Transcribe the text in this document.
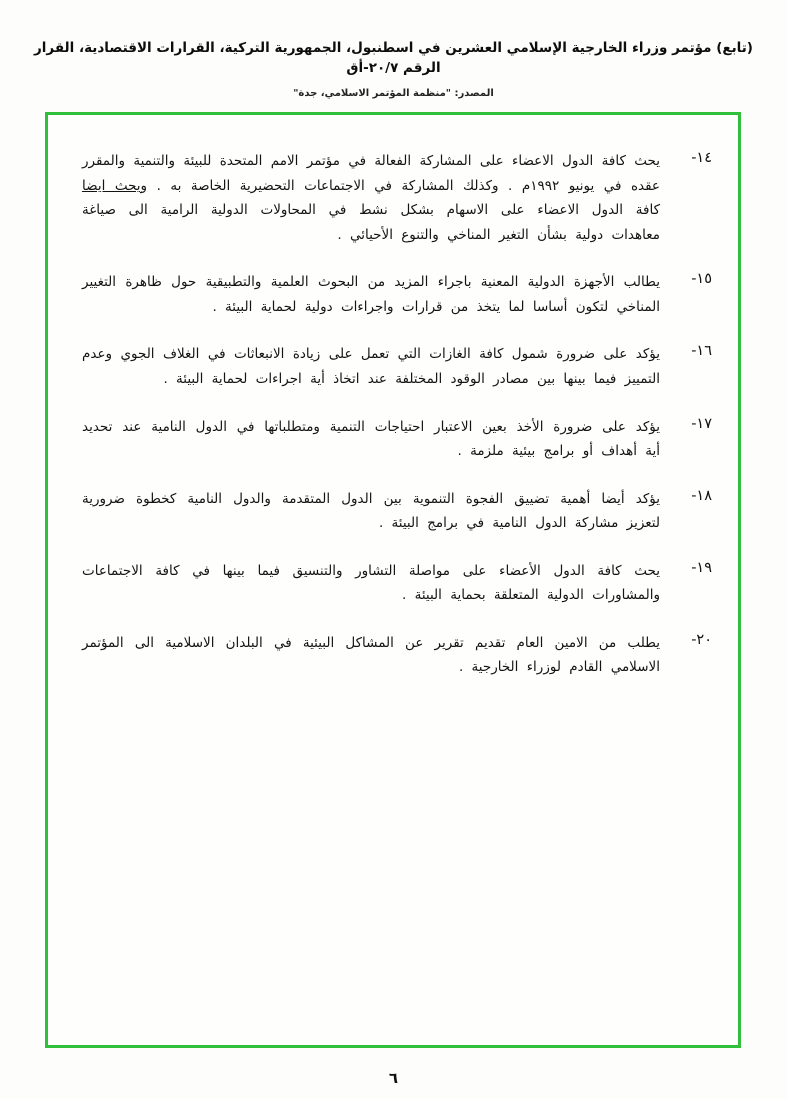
(تابع) مؤتمر وزراء الخارجية الإسلامي العشرين في اسطنبول، الجمهورية التركية، القرارات الاقتصادية، القرار الرقم ٢٠/٧-أق
المصدر: "منظمة المؤتمر الاسلامي، جدة"
١٤-
يحث كافة الدول الاعضاء على المشاركة الفعالة في مؤتمر الامم المتحدة للبيئة والتنمية والمقرر عقده في يونيو ١٩٩٢م . وكذلك المشاركة في الاجتماعات التحضيرية الخاصة به . ويحث ايضا كافة الدول الاعضاء على الاسهام بشكل نشط في المحاولات الدولية الرامية الى صياغة معاهدات دولية بشأن التغير المناخي والتنوع الأحيائي .
١٥-
يطالب الأجهزة الدولية المعنية باجراء المزيد من البحوث العلمية والتطبيقية حول ظاهرة التغيير المناخي لتكون أساسا لما يتخذ من قرارات واجراءات دولية لحماية البيئة .
١٦-
يؤكد على ضرورة شمول كافة الغازات التي تعمل على زيادة الانبعاثات في الغلاف الجوي وعدم التمييز فيما بينها بين مصادر الوقود المختلفة عند اتخاذ أية اجراءات لحماية البيئة .
١٧-
يؤكد على ضرورة الأخذ بعين الاعتبار احتياجات التنمية ومتطلباتها في الدول النامية عند تحديد أية أهداف أو برامج بيئية ملزمة .
١٨-
يؤكد أيضا أهمية تضييق الفجوة التنموية بين الدول المتقدمة والدول النامية كخطوة ضرورية لتعزيز مشاركة الدول النامية في برامج البيئة .
١٩-
يحث كافة الدول الأعضاء على مواصلة التشاور والتنسيق فيما بينها في كافة الاجتماعات والمشاورات الدولية المتعلقة بحماية البيئة .
٢٠-
يطلب من الامين العام تقديم تقرير عن المشاكل البيئية في البلدان الاسلامية الى المؤتمر الاسلامي القادم لوزراء الخارجية .
٦
